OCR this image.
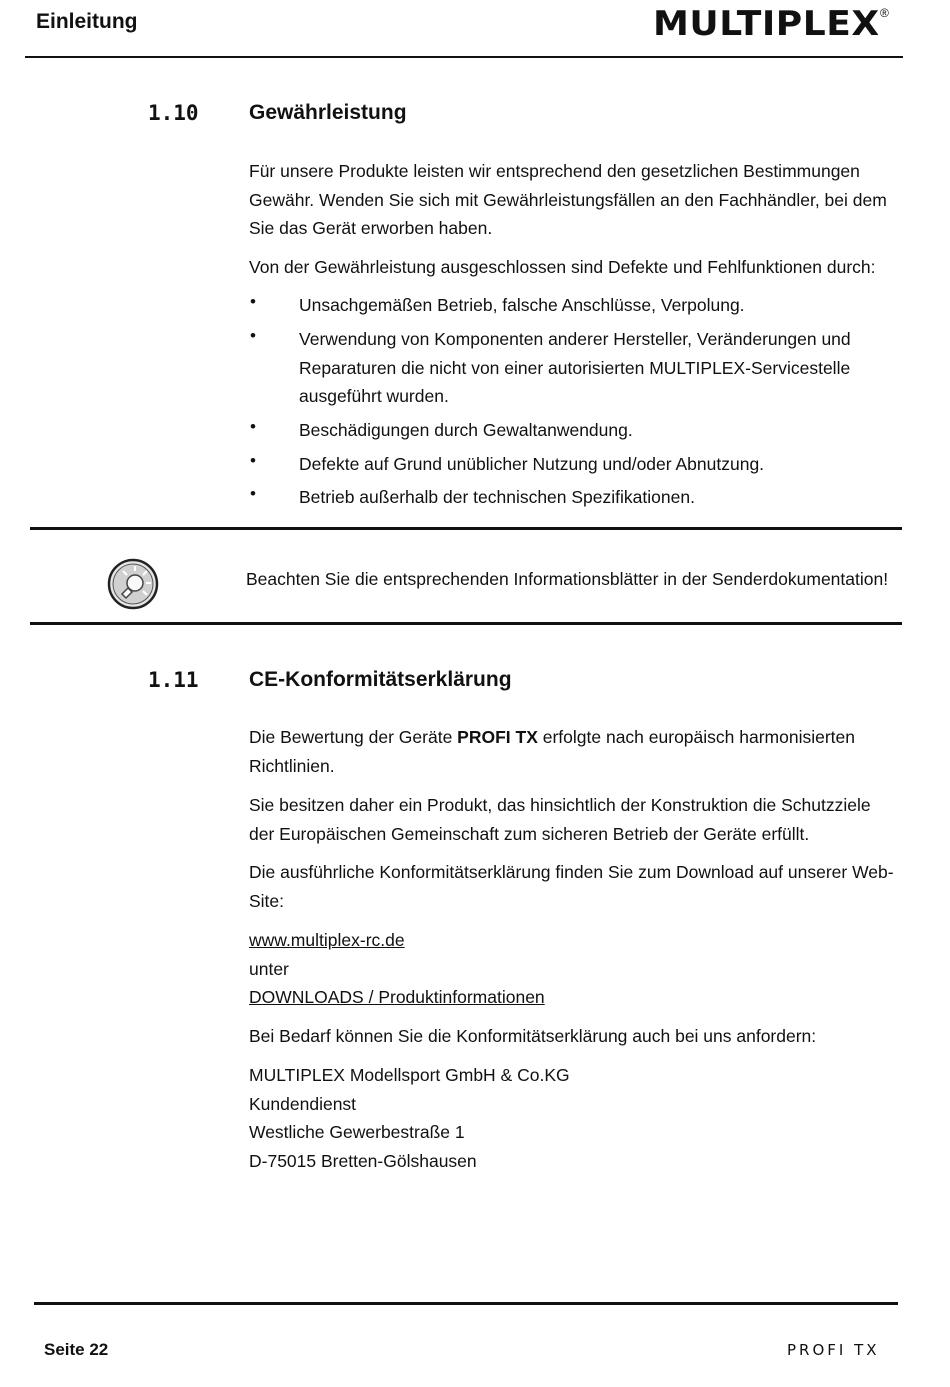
Einleitung	MULTIPLEX ®
1.10 Gewährleistung
Für unsere Produkte leisten wir entsprechend den gesetzlichen Bestimmungen
Gewähr. Wenden Sie sich mit Gewährleistungsfällen an den Fachhändler, bei dem
Sie das Gerät erworben haben.
Von der Gewährleistung ausgeschlossen sind Defekte und Fehlfunktionen durch:
• Unsachgemäßen Betrieb, falsche Anschlüsse, Verpolung.
• Verwendung von Komponenten anderer Hersteller, Veränderungen und
Reparaturen die nicht von einer autorisierten MULTIPLEX-Servicestelle
ausgeführt wurden.
• Beschädigungen durch Gewaltanwendung.
• Defekte auf Grund unüblicher Nutzung und/oder Abnutzung.
• Betrieb außerhalb der technischen Spezifikationen.
Beachten Sie die entsprechenden Informationsblätter in der Senderdokumentation!
1.11 CE-Konformitätserklärung
Die Bewertung der Geräte PROFI TX erfolgte nach europäisch harmonisierten
Richtlinien.
Sie besitzen daher ein Produkt, das hinsichtlich der Konstruktion die Schutzziele
der Europäischen Gemeinschaft zum sicheren Betrieb der Geräte erfüllt.
Die ausführliche Konformitätserklärung finden Sie zum Download auf unserer Web-
Site:
www.multiplex-rc.de
unter
DOWNLOADS / Produktinformationen
Bei Bedarf können Sie die Konformitätserklärung auch bei uns anfordern:
MULTIPLEX Modellsport GmbH & Co.KG
Kundendienst
Westliche Gewerbestraße 1
D-75015 Bretten-Gölshausen
Seite 22	PROFI TX
